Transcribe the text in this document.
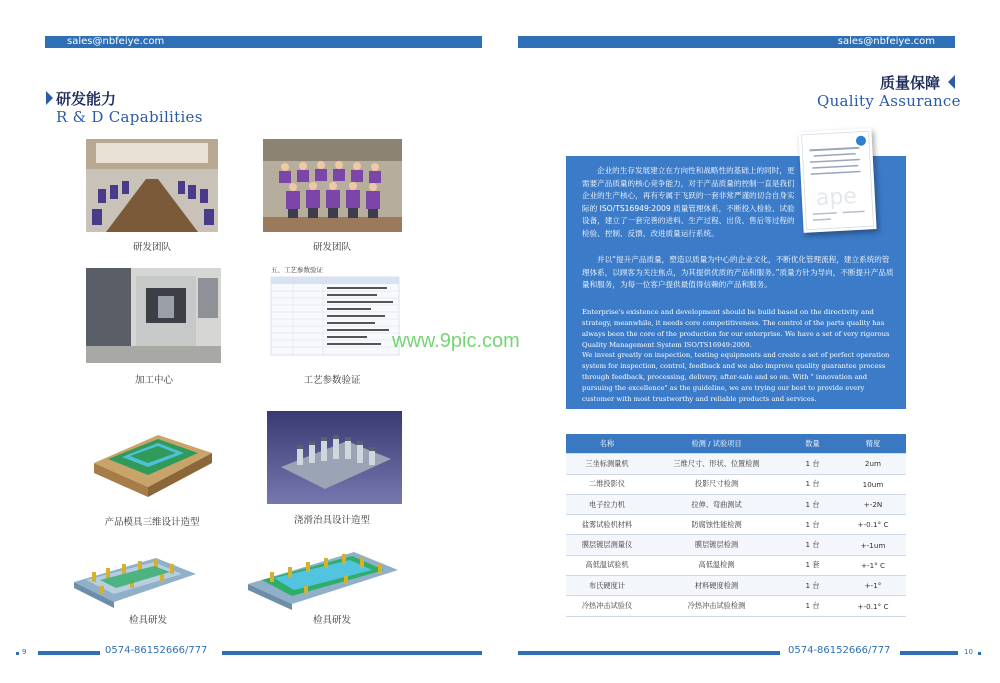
sales@nbfeiye.com
研发能力
R & D Capabilities
研发团队	研发团队
加工中心
五、工艺参数验证
工艺参数验证
产品模具三维设计造型	浇滑治具设计造型
检具研发	检具研发
9	0574-86152666/777
sales@nbfeiye.com
质量保障
Quality Assurance
企业的生存发展建立在方向性和战略性的基础上的同时，更需要产品质量的核心竞争能力，对于产品质量的控制一直是我们企业的生产核心，再有专属于飞跃的一套非常严谨的切合自身实际的 ISO/TS16949:2009 质量管理体系，不断投入检验、试验设备，建立了一套完善的进料、生产过程、出货、售后等过程的检验、控制、反馈、改进质量运行系统。
并以“提升产品质量，塑造以质量为中心的企业文化，不断优化管理流程，建立系统的管理体系，以顾客为关注焦点，为其提供优质的产品和服务。”质量方针为导向，不断提升产品质量和服务，为每一位客户提供最值得信赖的产品和服务。
Enterprise's existence and development should be build based on the directivity and strategy, meanwhile, it needs core competitiveness. The control of the parts quality has always been the core of the production for our enterprise. We have a set of very rigorous Quality Management System ISO/TS16949:2009.
We invest greatly on inspection, testing equipments and create a set of perfect operation system for inspection, control, feedback and we also improve quality guarantee process through feedback, processing, delivery, after-sale and so on. With " innovation and pursuing the excellence" as the guideline, we are trying our best to provide every customer with most trustworthy and reliable products and services.
ape
名称	检测 / 试验项目	数量	精度
三坐标测量机	三维尺寸、形状、位置检测	1 台	2um
二维投影仪	投影尺寸检测	1 台	10um
电子拉力机	拉伸、弯曲测试	1 台	+-2N
盐雾试验机材料	防腐蚀性能检测	1 台	+-0.1° C
膜层镀层测量仪	膜层镀层检测	1 台	+-1um
高低温试验机	高低温检测	1 套	+-1° C
布氏硬度计	材料硬度检测	1 台	+-1°
冷热冲击试验仪	冷热冲击试验检测	1 台	+-0.1° C
0574-86152666/777	10
www.9pic.com
